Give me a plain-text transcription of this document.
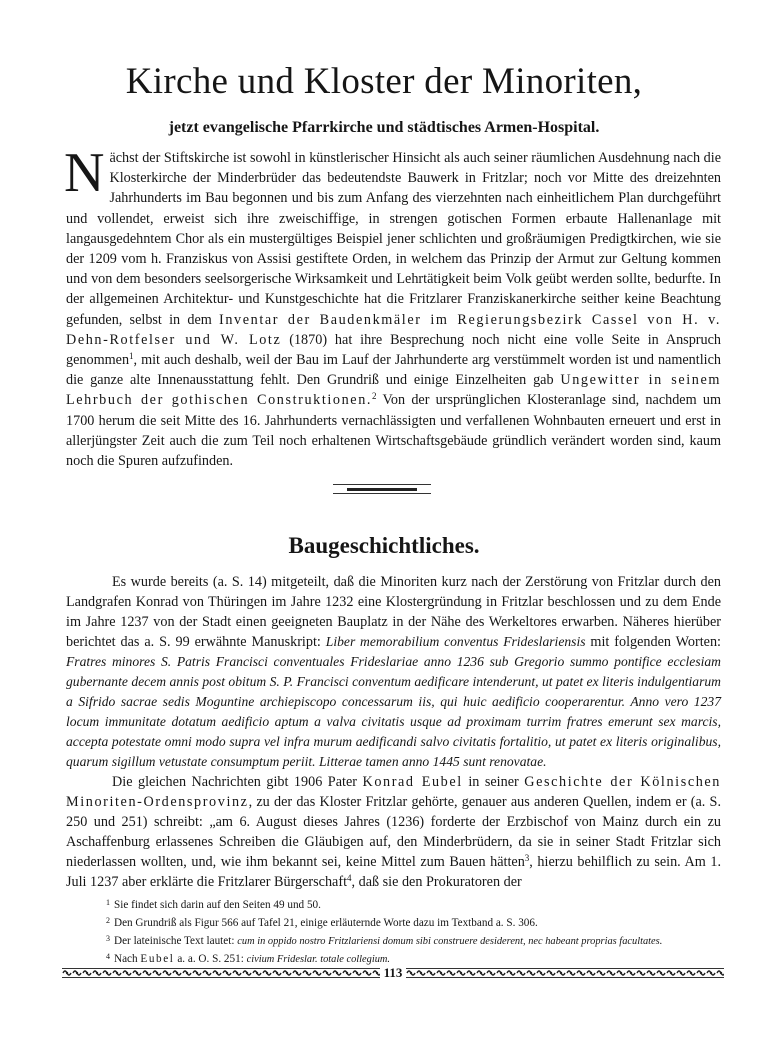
Kirche und Kloster der Minoriten,
jetzt evangelische Pfarrkirche und städtisches Armen-Hospital.
Nächst der Stiftskirche ist sowohl in künstlerischer Hinsicht als auch seiner räumlichen Ausdehnung nach die Klosterkirche der Minderbrüder das bedeutendste Bauwerk in Fritzlar; noch vor Mitte des dreizehnten Jahrhunderts im Bau begonnen und bis zum Anfang des vierzehnten nach einheitlichem Plan durchgeführt und vollendet, erweist sich ihre zweischiffige, in strengen gotischen Formen erbaute Hallenanlage mit langausgedehntem Chor als ein mustergültiges Beispiel jener schlichten und großräumigen Predigtkirchen, wie sie der 1209 vom h. Franziskus von Assisi gestiftete Orden, in welchem das Prinzip der Armut zur Geltung kommen und von dem besonders seelsorgerische Wirksamkeit und Lehrtätigkeit beim Volk geübt werden sollte, bedurfte. In der allgemeinen Architektur- und Kunstgeschichte hat die Fritzlarer Franziskanerkirche seither keine Beachtung gefunden, selbst in dem Inventar der Baudenkmäler im Regierungsbezirk Cassel von H. v. Dehn-Rotfelser und W. Lotz (1870) hat ihre Besprechung noch nicht eine volle Seite in Anspruch genommen$^1$, mit auch deshalb, weil der Bau im Lauf der Jahrhunderte arg verstümmelt worden ist und namentlich die ganze alte Innenausstattung fehlt. Den Grundriß und einige Einzelheiten gab Ungewitter in seinem Lehrbuch der gothischen Construktionen.$^2$ Von der ursprünglichen Klosteranlage sind, nachdem um 1700 herum die seit Mitte des 16. Jahrhunderts vernachlässigten und verfallenen Wohnbauten erneuert und erst in allerjüngster Zeit auch die zum Teil noch erhaltenen Wirtschaftsgebäude gründlich verändert worden sind, kaum noch die Spuren aufzufinden.
Baugeschichtliches.

Es wurde bereits (a. S. 14) mitgeteilt, daß die Minoriten kurz nach der Zerstörung von Fritzlar durch den Landgrafen Konrad von Thüringen im Jahre 1232 eine Klostergründung in Fritzlar beschlossen und zu dem Ende im Jahre 1237 von der Stadt einen geeigneten Bauplatz in der Nähe des Werkeltores erwarben. Näheres hierüber berichtet das a. S. 99 erwähnte Manuskript: Liber memorabilium conventus Frideslariensis mit folgenden Worten: Fratres minores S. Patris Francisci conventuales Frideslariae anno 1236 sub Gregorio summo pontifice ecclesiam gubernante decem annis post obitum S. P. Francisci conventum aedificare intenderunt, ut patet ex literis indulgentiarum a Sifrido sacrae sedis Moguntine archiepiscopo concessarum iis, qui huic aedificio cooperarentur. Anno vero 1237 locum immunitate dotatum aedificio aptum a valva civitatis usque ad proximam turrim fratres emerunt sex marcis, accepta potestate omni modo supra vel infra murum aedificandi salvo civitatis fortalitio, ut patet ex literis originalibus, quarum sigillum vetustate consumptum periit. Litterae tamen anno 1445 sunt renovatae.

Die gleichen Nachrichten gibt 1906 Pater Konrad Eubel in seiner Geschichte der Kölnischen Minoriten-Ordensprovinz, zu der das Kloster Fritzlar gehörte, genauer aus anderen Quellen, indem er (a. S. 250 und 251) schreibt: „am 6. August dieses Jahres (1236) forderte der Erzbischof von Mainz durch ein zu Aschaffenburg erlassenes Schreiben die Gläubigen auf, den Minderbrüdern, da sie in seiner Stadt Fritzlar sich niederlassen wollten, und, wie ihm bekannt sei, keine Mittel zum Bauen hätten$^3$, hierzu behilflich zu sein. Am 1. Juli 1237 aber erklärte die Fritzlarer Bürgerschaft$^4$, daß sie den Prokuratoren der

$^1$ Sie findet sich darin auf den Seiten 49 und 50.
$^2$ Den Grundriß als Figur 566 auf Tafel 21, einige erläuternde Worte dazu im Textband a. S. 306.
$^3$ Der lateinische Text lautet: cum in oppido nostro Fritzlariensi domum sibi construere desiderent, nec habeant proprias facultates.
$^4$ Nach Eubel a. a. O. S. 251: civium Frideslar. totale collegium.
113
